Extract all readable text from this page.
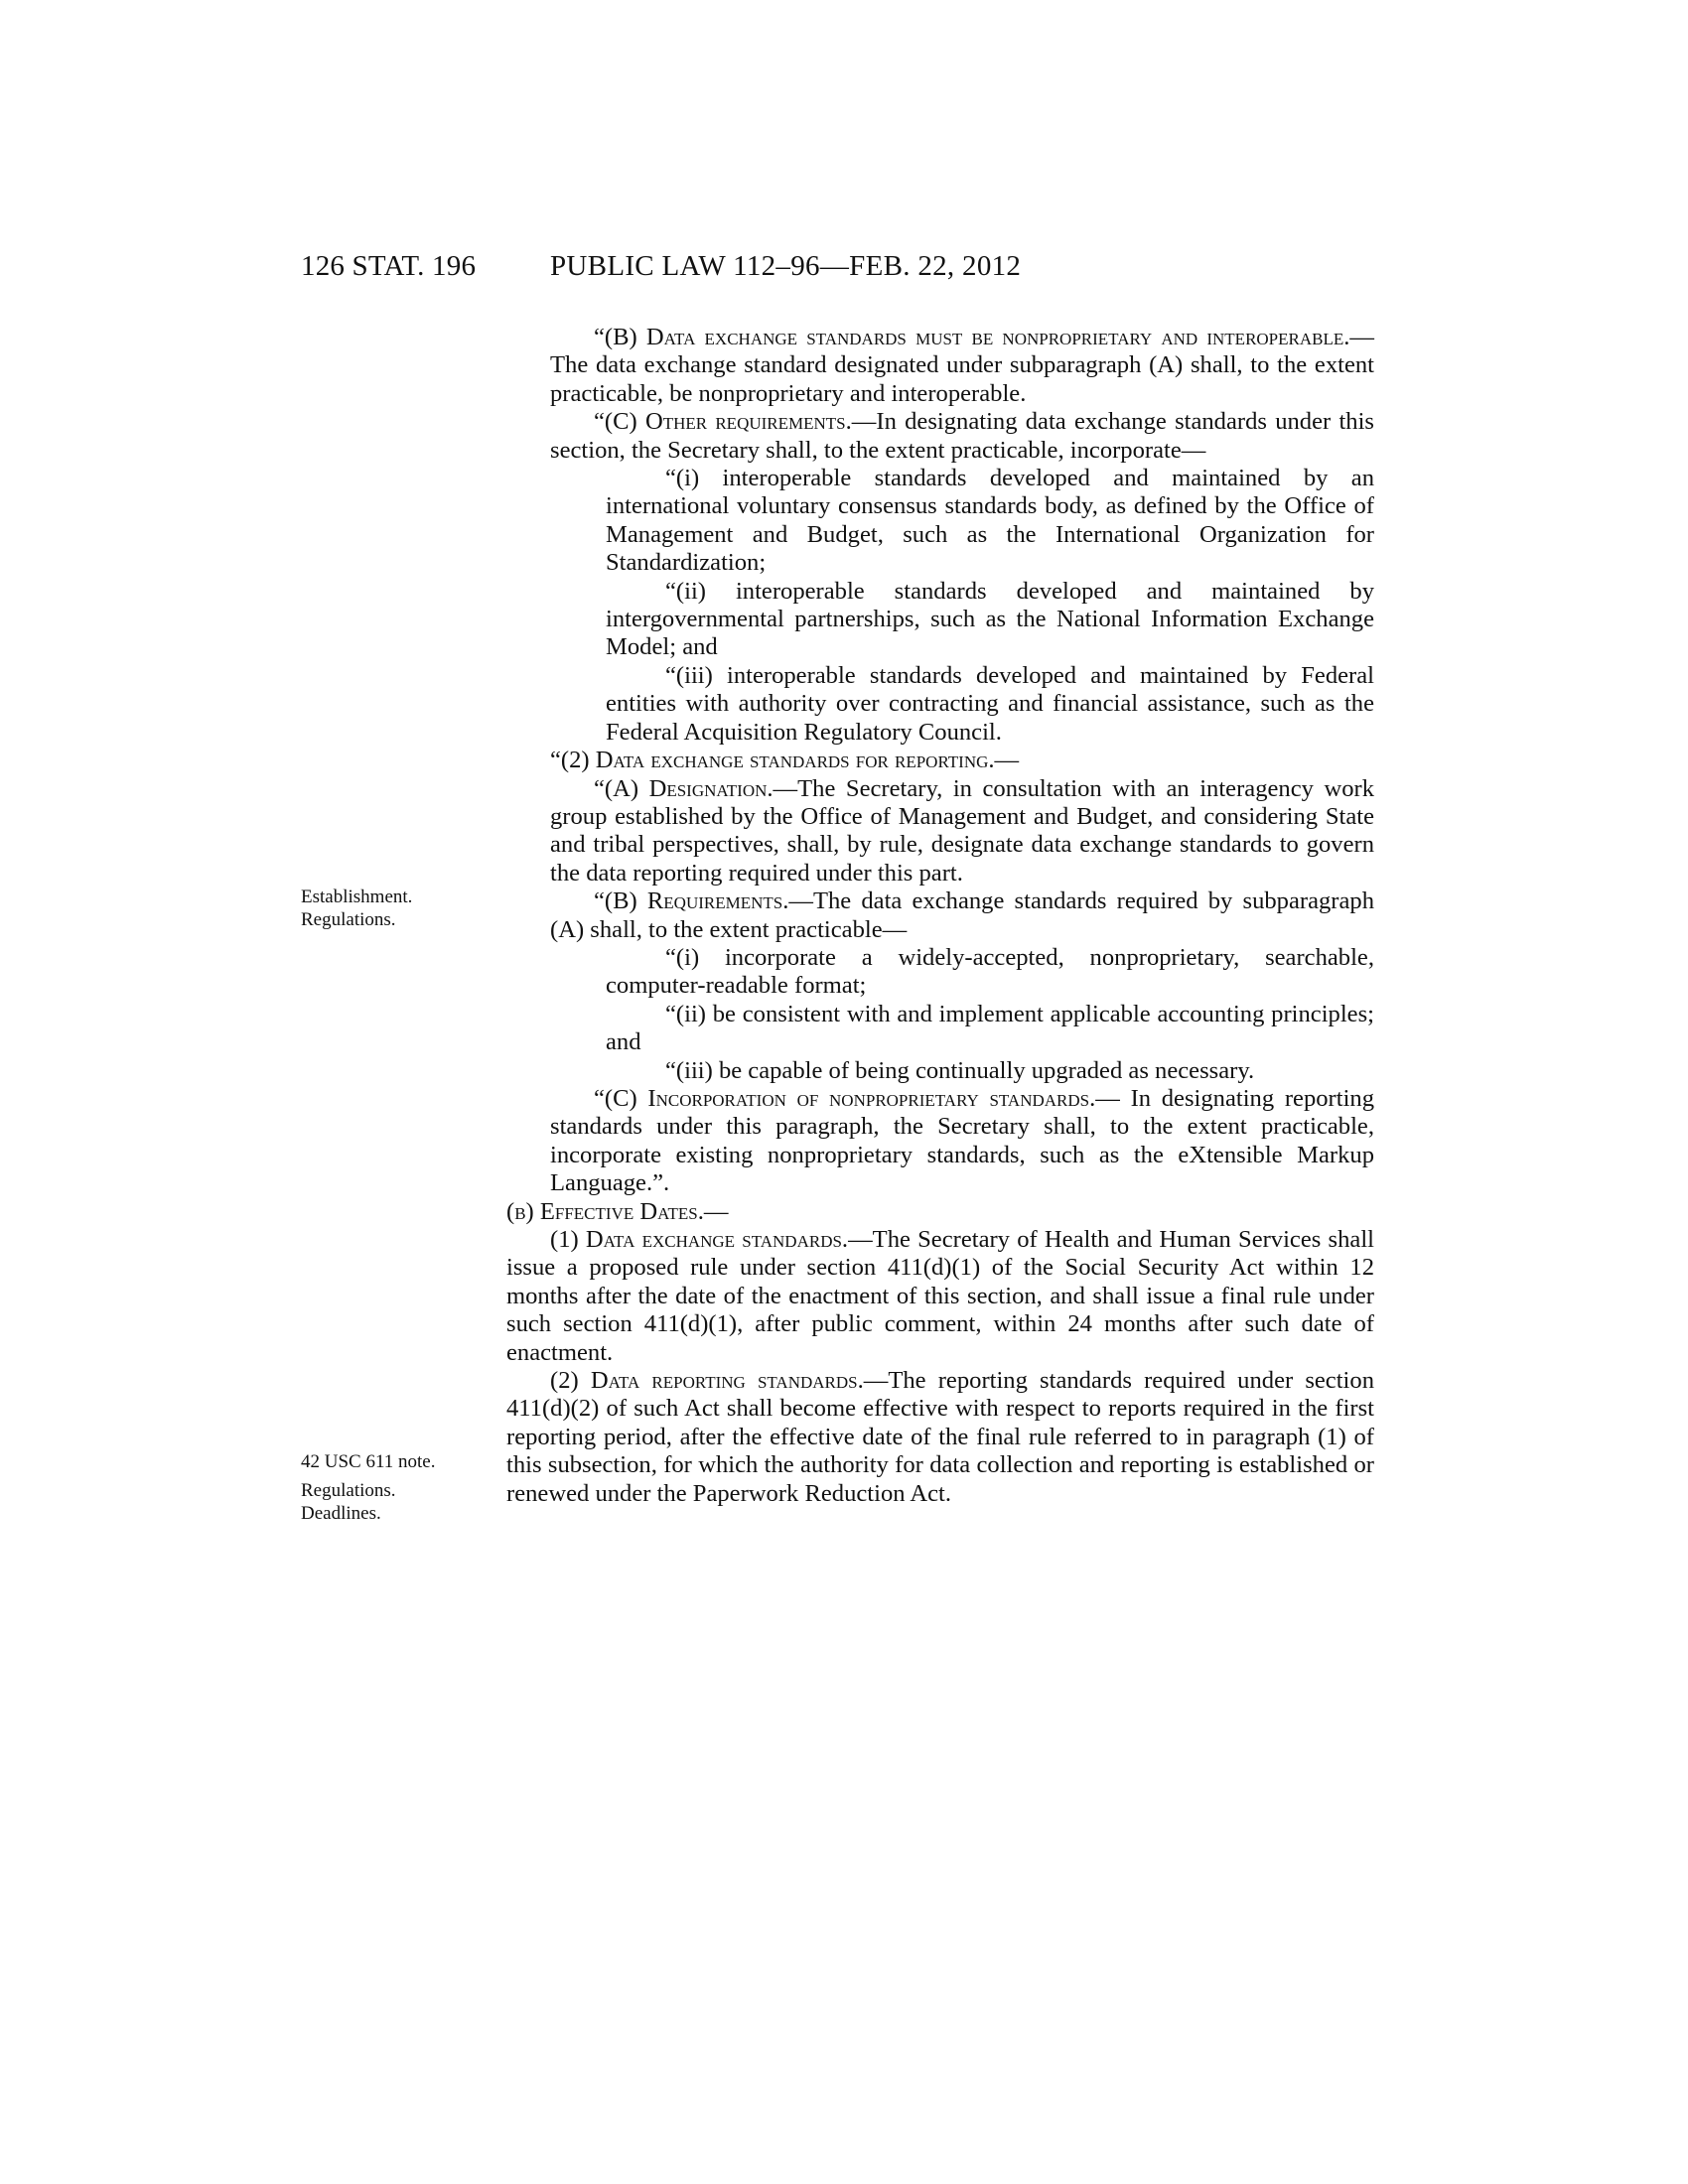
126 STAT. 196	PUBLIC LAW 112–96—FEB. 22, 2012
Establishment.
Regulations.
42 USC 611 note.
Regulations.
Deadlines.

“(B) Data exchange standards must be nonproprietary and interoperable.—The data exchange standard designated under subparagraph (A) shall, to the extent practicable, be nonproprietary and interoperable.

“(C) Other requirements.—In designating data exchange standards under this section, the Secretary shall, to the extent practicable, incorporate—

“(i) interoperable standards developed and maintained by an international voluntary consensus standards body, as defined by the Office of Management and Budget, such as the International Organization for Standardization;

“(ii) interoperable standards developed and maintained by intergovernmental partnerships, such as the National Information Exchange Model; and

“(iii) interoperable standards developed and maintained by Federal entities with authority over contracting and financial assistance, such as the Federal Acquisition Regulatory Council.

“(2) Data exchange standards for reporting.—

“(A) Designation.—The Secretary, in consultation with an interagency work group established by the Office of Management and Budget, and considering State and tribal perspectives, shall, by rule, designate data exchange standards to govern the data reporting required under this part.

“(B) Requirements.—The data exchange standards required by subparagraph (A) shall, to the extent practicable—

“(i) incorporate a widely-accepted, nonproprietary, searchable, computer-readable format;

“(ii) be consistent with and implement applicable accounting principles; and

“(iii) be capable of being continually upgraded as necessary.

“(C) Incorporation of nonproprietary standards.— In designating reporting standards under this paragraph, the Secretary shall, to the extent practicable, incorporate existing nonproprietary standards, such as the eXtensible Markup Language.”.

(b) Effective Dates.—

(1) Data exchange standards.—The Secretary of Health and Human Services shall issue a proposed rule under section 411(d)(1) of the Social Security Act within 12 months after the date of the enactment of this section, and shall issue a final rule under such section 411(d)(1), after public comment, within 24 months after such date of enactment.

(2) Data reporting standards.—The reporting standards required under section 411(d)(2) of such Act shall become effective with respect to reports required in the first reporting period, after the effective date of the final rule referred to in paragraph (1) of this subsection, for which the authority for data collection and reporting is established or renewed under the Paperwork Reduction Act.
